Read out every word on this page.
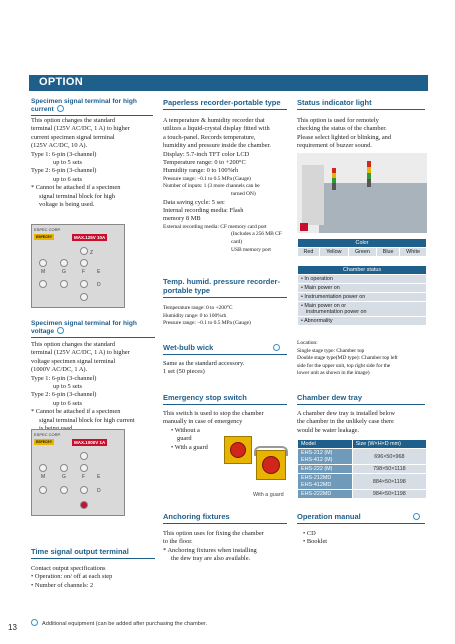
OPTION
Specimen signal terminal for high current
This option changes the standard
terminal (125V AC/DC, 1 A) to higher
current specimen signal terminal
(125V AC/DC, 10 A).
Type 1: 6-pin (3-channel)
up to 5 sets
Type 2: 6-pin (3-channel)
up to 6 sets
* Cannot be attached if a specimen
signal terminal block for high
voltage is being used.
ESPEC CORP.
ESPECEY	MAX.125V 10A
Z
M	G	F E
D
Specimen signal terminal for high voltage
This option changes the standard
terminal (125V AC/DC, 1 A) to higher
voltage specimen signal terminal
(1000V AC/DC, 1 A).
Type 1: 6-pin (3-channel)
up to 5 sets
Type 2: 6-pin (3-channel)
up to 6 sets
* Cannot be attached if a specimen
signal terminal block for high current
ESPEC CORP.
ESPECEY	MAX.1000V 1A
M	G	F E
D
Time signal output terminal
Contact output specifications
• Operation: on/ off at each step
• Number of channels: 2
Paperless recorder-portable type
A temperature & humidity recorder that
utilizes a liquid-crystal display fitted with
a touch-panel. Records temperature,
humidity and pressure inside the chamber.
Display: 5.7-inch TFT color LCD
Temperature range: 0 to +200°C
Humidity range: 0 to 100%rh
Pressure range: −0.1 to 0.5 MPa (Gauge)
Number of inputs: 1 (3 more channels can be
turned ON)
Data saving cycle: 5 sec
Internal recording media: Flash
memory 8 MB
External recording media: CF memory card port
(Includes a 256 MB CF card)
USB memory port
Temp. humid. pressure recorder-portable type
Temperature range: 0 to +200°C
Humidity range: 0 to 100%rh
Pressure range: −0.1 to 0.5 MPa (Gauge)
Wet-bulb wick
Same as the standard accessory.
1 set (50 pieces)
Emergency stop switch
This switch is used to stop the chamber
manually in case of emergency
• Without a
guard
• With a guard
With a guard
Anchoring fixtures
This option uses for fixing the chamber
to the floor.
* Anchoring fixtures when installing
the dew tray are also available.
Status indicator light
This option is used for remotely
checking the status of the chamber.
Please select lighted or blinking, and
requirement of buzzer sound.
Color
Red	Yellow	Green	Blue	White
Chamber status
• In operation
• Main power on
• Instrumentation power on

• Main power on or
instrumentation power on

• Abnormality
Location:
Single stage type: Chamber top
Double stage type(MD type): Chamber top left
side for the upper unit, top right side for the
lower unit as shown in the image)
Chamber dew tray
A chamber dew tray is installed below
the chamber in the unlikely case there
would be water leakage.
Model	Size (W×H×D mm)

EHS-212 (M)
EHS-412 (M)	696×50×968
EHS-222 (M)	798×50×1118

EHS-212MD
EHS-412MD	884×50×1198
EHS-222MD	984×50×1198
Operation manual
• CD
• Booklet
Additional equipment (can be added after purchasing the chamber.
13
